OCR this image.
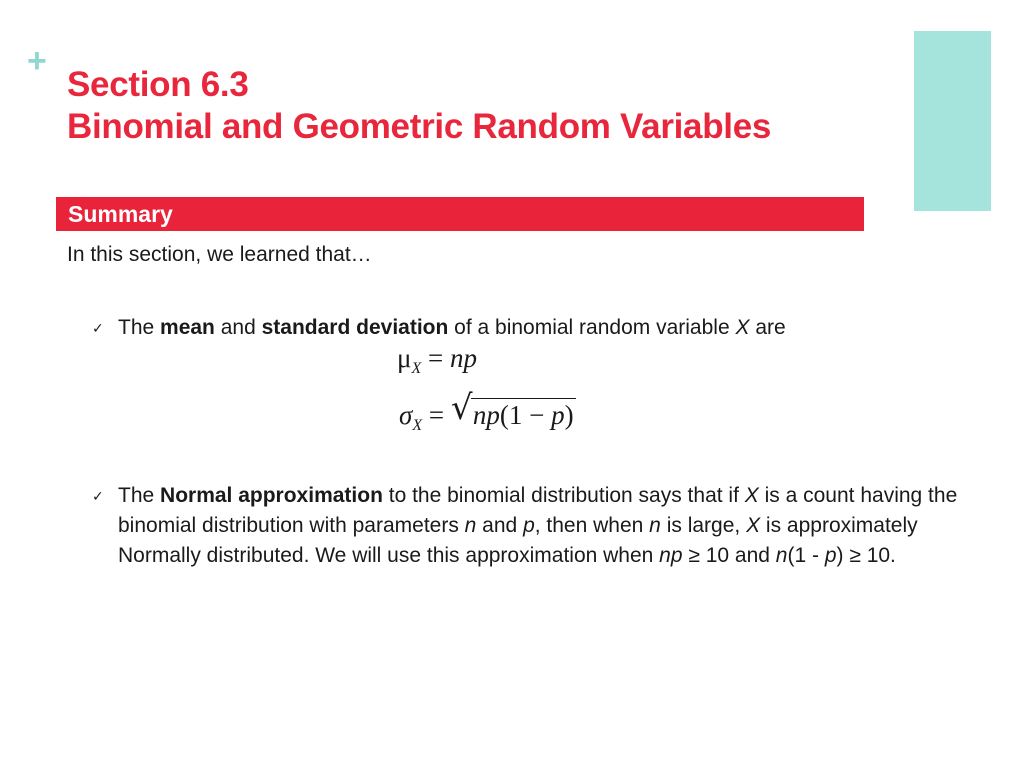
+
Section 6.3
Binomial and Geometric Random Variables
Summary
In this section, we learned that…
✓ The mean and standard deviation of a binomial random variable X are
$\mu_X$ = np
$\sigma_X$ = √ np(1 − p)
✓ The Normal approximation to the binomial distribution says that if X is a count having the binomial distribution with parameters n and p, then when n is large, X is approximately Normally distributed. We will use this approximation when np ≥ 10 and n(1 - p) ≥ 10.
